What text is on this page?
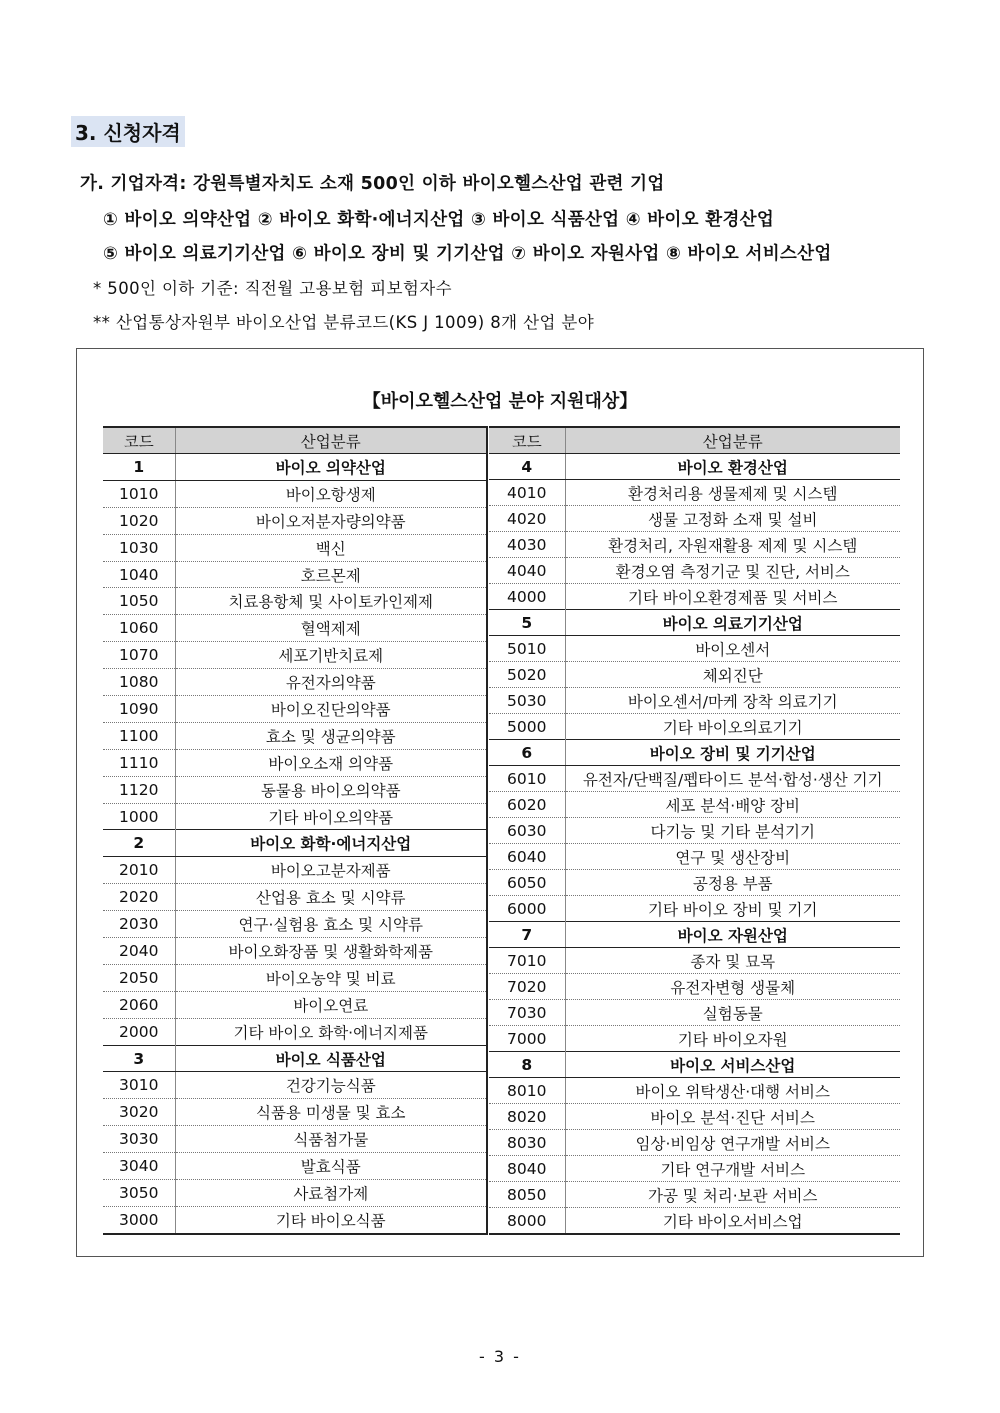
3. 신청자격
가. 기업자격: 강원특별자치도 소재 500인 이하 바이오헬스산업 관련 기업
① 바이오 의약산업 ② 바이오 화학·에너지산업 ③ 바이오 식품산업 ④ 바이오 환경산업
⑤ 바이오 의료기기산업 ⑥ 바이오 장비 및 기기산업 ⑦ 바이오 자원사업 ⑧ 바이오 서비스산업
* 500인 이하 기준: 직전월 고용보험 피보험자수
** 산업통상자원부 바이오산업 분류코드(KS J 1009) 8개 산업 분야
【바이오헬스산업 분야 지원대상】
코드	산업분류
1	바이오 의약산업
1010	바이오항생제
1020	바이오저분자량의약품
1030	백신
1040	호르몬제
1050	치료용항체 및 사이토카인제제
1060	혈액제제
1070	세포기반치료제
1080	유전자의약품
1090	바이오진단의약품
1100	효소 및 생균의약품
1110	바이오소재 의약품
1120	동물용 바이오의약품
1000	기타 바이오의약품
2	바이오 화학·에너지산업
2010	바이오고분자제품
2020	산업용 효소 및 시약류
2030	연구·실험용 효소 및 시약류
2040	바이오화장품 및 생활화학제품
2050	바이오농약 및 비료
2060	바이오연료
2000	기타 바이오 화학·에너지제품
3	바이오 식품산업
3010	건강기능식품
3020	식품용 미생물 및 효소
3030	식품첨가물
3040	발효식품
3050	사료첨가제
3000	기타 바이오식품
코드	산업분류
4	바이오 환경산업
4010	환경처리용 생물제제 및 시스템
4020	생물 고정화 소재 및 설비
4030	환경처리, 자원재활용 제제 및 시스템
4040	환경오염 측정기군 및 진단, 서비스
4000	기타 바이오환경제품 및 서비스
5	바이오 의료기기산업
5010	바이오센서
5020	체외진단
5030	바이오센서/마케 장착 의료기기
5000	기타 바이오의료기기
6	바이오 장비 및 기기산업
6010	유전자/단백질/펩타이드 분석·합성·생산 기기
6020	세포 분석·배양 장비
6030	다기능 및 기타 분석기기
6040	연구 및 생산장비
6050	공정용 부품
6000	기타 바이오 장비 및 기기
7	바이오 자원산업
7010	종자 및 묘목
7020	유전자변형 생물체
7030	실험동물
7000	기타 바이오자원
8	바이오 서비스산업
8010	바이오 위탁생산·대행 서비스
8020	바이오 분석·진단 서비스
8030	임상·비임상 연구개발 서비스
8040	기타 연구개발 서비스
8050	가공 및 처리·보관 서비스
8000	기타 바이오서비스업
- 3 -
